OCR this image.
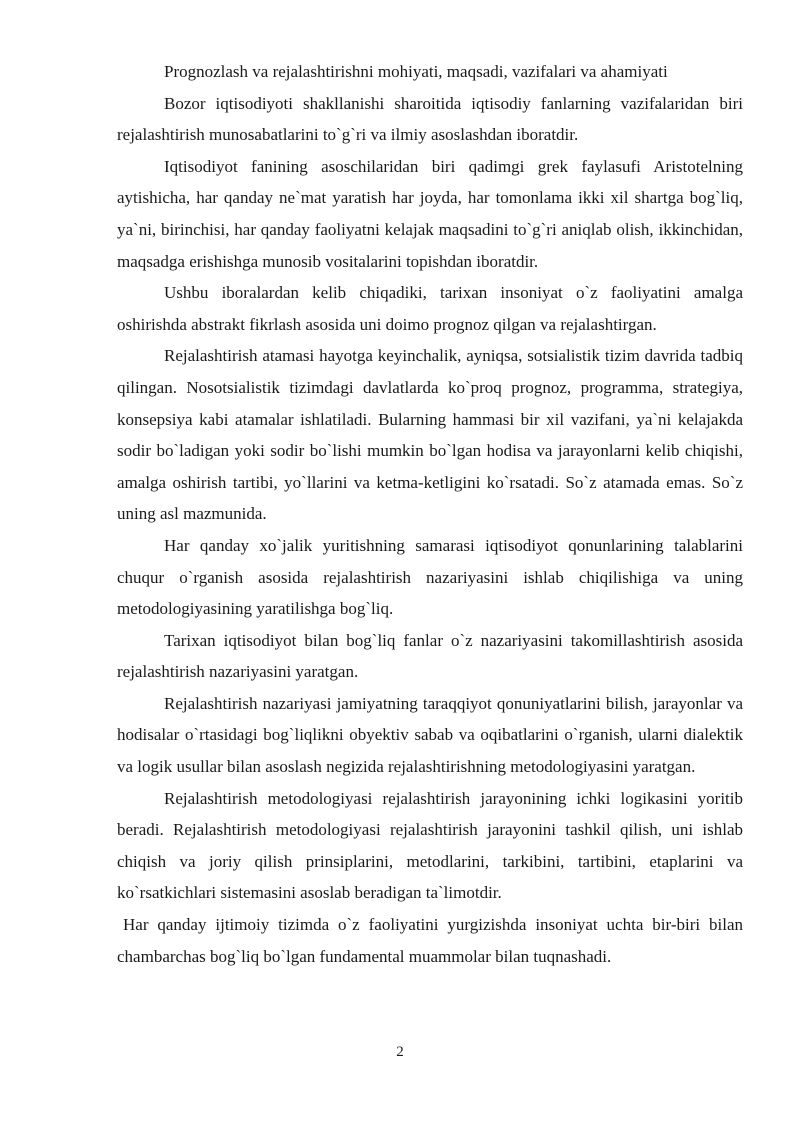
Prognozlash va rejalashtirishni mohiyati, maqsadi, vazifalari va ahamiyati

Bozor iqtisodiyoti shakllanishi sharoitida iqtisodiy fanlarning vazifalaridan biri rejalashtirish munosabatlarini to`g`ri va ilmiy asoslashdan iboratdir.

Iqtisodiyot fanining asoschilaridan biri qadimgi grek faylasufi Aristotelning aytishicha, har qanday ne`mat yaratish har joyda, har tomonlama ikki xil shartga bog`liq, ya`ni, birinchisi, har qanday faoliyatni kelajak maqsadini to`g`ri aniqlab olish, ikkinchidan, maqsadga erishishga munosib vositalarini topishdan iboratdir.

Ushbu iboralardan kelib chiqadiki, tarixan insoniyat o`z faoliyatini amalga oshirishda abstrakt fikrlash asosida uni doimo prognoz qilgan va rejalashtirgan.

Rejalashtirish atamasi hayotga keyinchalik, ayniqsa, sotsialistik tizim davrida tadbiq qilingan. Nosotsialistik tizimdagi davlatlarda ko`proq prognoz, programma, strategiya, konsepsiya kabi atamalar ishlatiladi. Bularning hammasi bir xil vazifani, ya`ni kelajakda sodir bo`ladigan yoki sodir bo`lishi mumkin bo`lgan hodisa va jarayonlarni kelib chiqishi, amalga oshirish tartibi, yo`llarini va ketma-ketligini ko`rsatadi. So`z atamada emas. So`z uning asl mazmunida.

Har qanday xo`jalik yuritishning samarasi iqtisodiyot qonunlarining talablarini chuqur o`rganish asosida rejalashtirish nazariyasini ishlab chiqilishiga va uning metodologiyasining yaratilishga bog`liq.

Tarixan iqtisodiyot bilan bog`liq fanlar o`z nazariyasini takomillashtirish asosida rejalashtirish nazariyasini yaratgan.

Rejalashtirish nazariyasi jamiyatning taraqqiyot qonuniyatlarini bilish, jarayonlar va hodisalar o`rtasidagi bog`liqlikni obyektiv sabab va oqibatlarini o`rganish, ularni dialektik va logik usullar bilan asoslash negizida rejalashtirishning metodologiyasini yaratgan.

Rejalashtirish metodologiyasi rejalashtirish jarayonining ichki logikasini yoritib beradi. Rejalashtirish metodologiyasi rejalashtirish jarayonini tashkil qilish, uni ishlab chiqish va joriy qilish prinsiplarini, metodlarini, tarkibini, tartibini, etaplarini va ko`rsatkichlari sistemasini asoslab beradigan ta`limotdir.

Har qanday ijtimoiy tizimda o`z faoliyatini yurgizishda insoniyat uchta bir-biri bilan chambarchas bog`liq bo`lgan fundamental muammolar bilan tuqnashadi.

2
